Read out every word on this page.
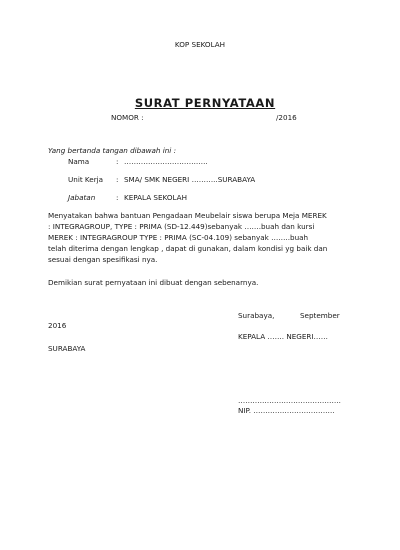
KOP SEKOLAH
SURAT PERNYATAAN
NOMOR :	/2016
Yang bertanda tangan dibawah ini :
Nama	: ……………………………..
Unit Kerja : SMA/ SMK NEGERI ………..SURABAYA
Jabatan	: KEPALA SEKOLAH
Menyatakan bahwa bantuan Pengadaan Meubelair siswa berupa Meja MEREK
: INTEGRAGROUP, TYPE : PRIMA (SD-12.449)sebanyak …….buah dan kursi
MEREK : INTEGRAGROUP TYPE : PRIMA (SC-04.109) sebanyak ……..buah
telah diterima dengan lengkap , dapat di gunakan, dalam kondisi yg baik dan
sesuai dengan spesifikasi nya.
Demikian surat pernyataan ini dibuat dengan sebenarnya.
Surabaya,	September
2016
KEPALA ……. NEGERI……
SURABAYA
…………………………………….
NIP. …………………………….
